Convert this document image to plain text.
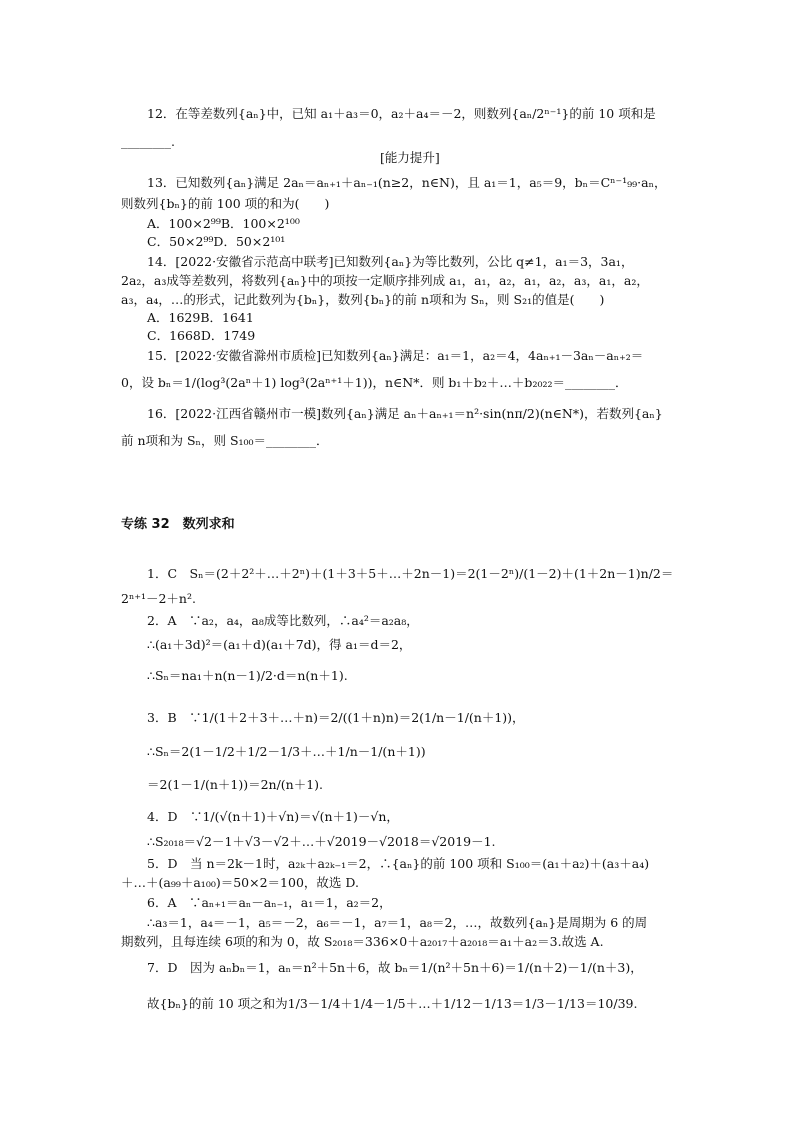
12．在等差数列{aₙ}中，已知 a₁＋a₃＝0，a₂＋a₄＝－2，则数列{aₙ/2ⁿ⁻¹}的前 10 项和是
________.
[能力提升]
13．已知数列{aₙ}满足 2aₙ＝aₙ₊₁＋aₙ₋₁(n≥2，n∈N)，且 a₁＝1，a₅＝9，bₙ＝Cⁿ⁻¹₉₉·aₙ，
则数列{bₙ}的前 100 项的和为(　　)
A．100×2⁹⁹B．100×2¹⁰⁰
C．50×2⁹⁹D．50×2¹⁰¹
14．[2022·安徽省示范高中联考]已知数列{aₙ}为等比数列，公比 q≠1，a₁＝3，3a₁，
2a₂，a₃成等差数列，将数列{aₙ}中的项按一定顺序排列成 a₁，a₁，a₂，a₁，a₂，a₃，a₁，a₂，
a₃，a₄，…的形式，记此数列为{bₙ}，数列{bₙ}的前 n项和为 Sₙ，则 S₂₁的值是(　　)
A．1629B．1641
C．1668D．1749
15．[2022·安徽省滁州市质检]已知数列{aₙ}满足：a₁＝1，a₂＝4，4aₙ₊₁－3aₙ－aₙ₊₂＝
0，设 bₙ＝1/(log³(2aⁿ＋1) log³(2aⁿ⁺¹＋1))，n∈N*．则 b₁＋b₂＋…＋b₂₀₂₂＝________．
16．[2022·江西省赣州市一模]数列{aₙ}满足 aₙ＋aₙ₊₁＝n²·sin(nπ/2)(n∈N*)，若数列{aₙ}
前 n项和为 Sₙ，则 S₁₀₀＝________．
专练 32　数列求和
1．C　Sₙ＝(2＋2²＋…＋2ⁿ)＋(1＋3＋5＋…＋2n－1)＝2(1－2ⁿ)/(1－2)＋(1＋2n－1)n/2＝
2ⁿ⁺¹－2＋n².
2．A　∵a₂，a₄，a₈成等比数列，∴a₄²＝a₂a₈，
∴(a₁＋3d)²＝(a₁＋d)(a₁＋7d)，得 a₁＝d＝2，
∴Sₙ＝na₁＋n(n－1)/2·d＝n(n＋1).
3．B　∵1/(1＋2＋3＋…＋n)＝2/((1＋n)n)＝2(1/n－1/(n＋1))，
∴Sₙ＝2(1－1/2＋1/2－1/3＋…＋1/n－1/(n＋1))
＝2(1－1/(n＋1))＝2n/(n＋1).
4．D　∵1/(√(n＋1)＋√n)＝√(n＋1)－√n，
∴S₂₀₁₈＝√2－1＋√3－√2＋…＋√2019－√2018＝√2019－1.
5．D　当 n＝2k－1时，a₂ₖ＋a₂ₖ₋₁＝2，∴{aₙ}的前 100 项和 S₁₀₀＝(a₁＋a₂)＋(a₃＋a₄)
＋…＋(a₉₉＋a₁₀₀)＝50×2＝100，故选 D.
6．A　∵aₙ₊₁＝aₙ－aₙ₋₁，a₁＝1，a₂＝2，
∴a₃＝1，a₄＝－1，a₅＝－2，a₆＝－1，a₇＝1，a₈＝2，…，故数列{aₙ}是周期为 6 的周
期数列，且每连续 6项的和为 0，故 S₂₀₁₈＝336×0＋a₂₀₁₇＋a₂₀₁₈＝a₁＋a₂＝3.故选 A.
7．D　因为 aₙbₙ＝1，aₙ＝n²＋5n＋6，故 bₙ＝1/(n²＋5n＋6)＝1/(n＋2)－1/(n＋3)，
故{bₙ}的前 10 项之和为1/3－1/4＋1/4－1/5＋…＋1/12－1/13＝1/3－1/13＝10/39.
